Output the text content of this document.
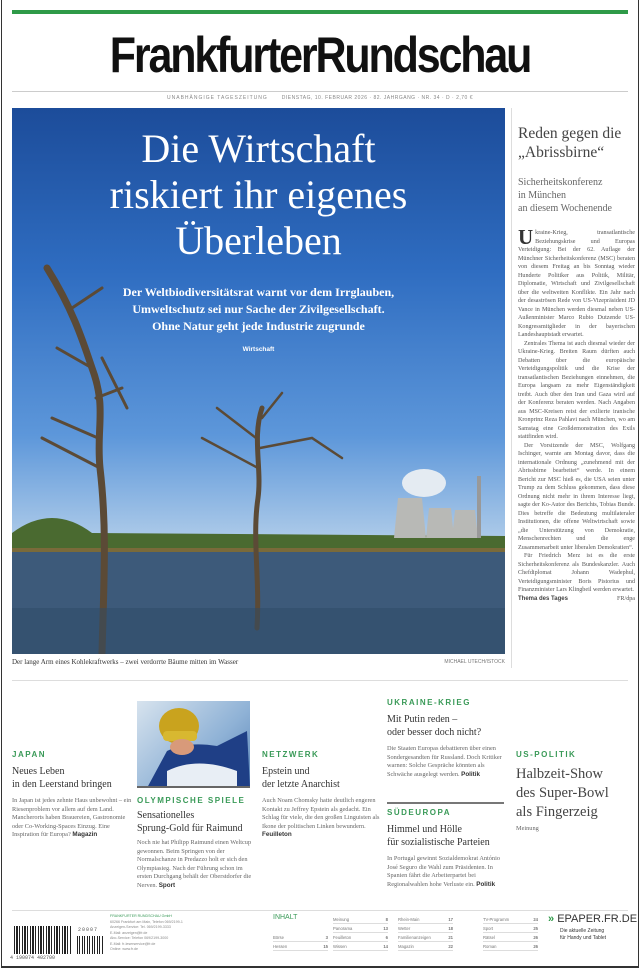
FrankfurterRundschau
UNABHÄNGIGE TAGESZEITUNG	DIENSTAG, 10. FEBRUAR 2026 · 82. JAHRGANG · NR. 34 · D · 2,70 €
Die Wirtschaft
riskiert ihr eigenes
Überleben
Der Weltbiodiversitätsrat warnt vor dem Irrglauben,
Umweltschutz sei nur Sache der Zivilgesellschaft.
Ohne Natur geht jede Industrie zugrunde
Wirtschaft
Der lange Arm eines Kohlekraftwerks – zwei verdorrte Bäume mitten im Wasser	MICHAEL UTECH/ISTOCK
Reden gegen die „Abrissbirne“
Sicherheitskonferenz
in München
an diesem Wochenende

Ukraine-Krieg, transatlantische Beziehungskrise und Europas Verteidigung: Bei der 62. Auflage der Münchner Sicherheitskonferenz (MSC) beraten von diesem Freitag an bis Sonntag wieder Hunderte Politiker aus Politik, Militär, Diplomatie, Wirtschaft und Zivilgesellschaft über die weltweiten Konflikte. Ein Jahr nach der desaströsen Rede von US-Vizepräsident JD Vance in München werden diesmal neben US-Außenminister Marco Rubio Dutzende US-Kongressmitglieder in der bayerischen Landeshauptstadt erwartet.

Zentrales Thema ist auch diesmal wieder der Ukraine-Krieg. Breiten Raum dürften auch Debatten über die europäische Verteidigungspolitik und die Krise der transatlantischen Beziehungen einnehmen, die Europa langsam zu mehr Eigenständigkeit treibt. Auch über den Iran und Gaza wird auf der Konferenz beraten werden. Nach Angaben aus MSC-Kreisen reist der exilierte iranische Kronprinz Reza Pahlavi nach München, wo am Samstag eine Großdemonstration des Exils stattfinden wird.

Der Vorsitzende der MSC, Wolfgang Ischinger, warnte am Montag davor, dass die internationale Ordnung „zunehmend mit der Abrissbirne bearbeitet“ werde. In einem Bericht zur MSC hieß es, die USA seien unter Trump zu dem Schluss gekommen, dass diese Ordnung nicht mehr in ihrem Interesse liegt, sagte der Ko-Autor des Berichts, Tobias Bunde. Dies betreffe die Bedeutung multilateraler Institutionen, die offene Weltwirtschaft sowie „die Unterstützung von Demokratie, Menschenrechten und die enge Zusammenarbeit unter liberalen Demokratien“.

Für Friedrich Merz ist es die erste Sicherheitskonferenz als Bundeskanzler. Auch Chefdiplomat Johann Wadephul, Verteidigungsminister Boris Pistorius und Finanzminister Lars Klingbeil werden erwartet.
FR/dpa

Thema des Tages
JAPAN
Neues Leben
in den Leerstand bringen

In Japan ist jedes zehnte Haus unbewohnt – ein Riesenproblem vor allem auf dem Land. Mancherorts haben Brauereien, Gastronomie oder Co-Working-Spaces Einzug. Eine Inspiration für Europa? Magazin

OLYMPISCHE SPIELE
Sensationelles
Sprung-Gold für Raimund

Noch nie hat Philipp Raimund einen Weltcup gewonnen. Beim Springen von der Normalschanze in Predazzo holt er sich den Olympiasieg. Nach der Führung schon im ersten Durchgang behält der Oberstdorfer die Nerven. Sport

NETZWERK
Epstein und
der letzte Anarchist

Auch Noam Chomsky hatte deutlich engeren Kontakt zu Jeffrey Epstein als gedacht. Ein Schlag für viele, die den großen Linguisten als Ikone der politischen Linken bewundern. Feuilleton

UKRAINE-KRIEG
Mit Putin reden –
oder besser doch nicht?

Die Staaten Europas debattieren über einen Sondergesandten für Russland. Doch Kritiker warnen: Solche Gespräche könnten als Schwäche ausgelegt werden. Politik

SÜDEUROPA
Himmel und Hölle
für sozialistische Parteien

In Portugal gewinnt Sozialdemokrat António José Seguro die Wahl zum Präsidenten. In Spanien fährt die Arbeiterpartei bei Regionalwahlen hohe Verluste ein. Politik

US-POLITIK
Halbzeit-Show
des Super-Bowl
als Fingerzeig

Meinung

20007
4 190074 402700
FRANKFURTER RUNDSCHAU GmbH
60266 Frankfurt am Main, Telefon 069/2199-1
Anzeigen-Service: Tel. 069/2199-3333
E-Mail: anzeigen@fr.de
Abo-Service: Telefon 069/2199-3000
E-Mail: fr-leserservice@fr.de
Online: www.fr.de
INHALT	Meinung	8
Panorama	13
Börse	3
Hessen	15
Feuilleton	6
Wissen	14
Rhein-Main	17
Wetter	18
Familienanzeigen	21
Magazin	22
TV-Programm	24
Sport	25
Rätsel	26
Roman	26
» EPAPER.FR.DE
Die aktuelle Zeitung
für Handy und Tablet
